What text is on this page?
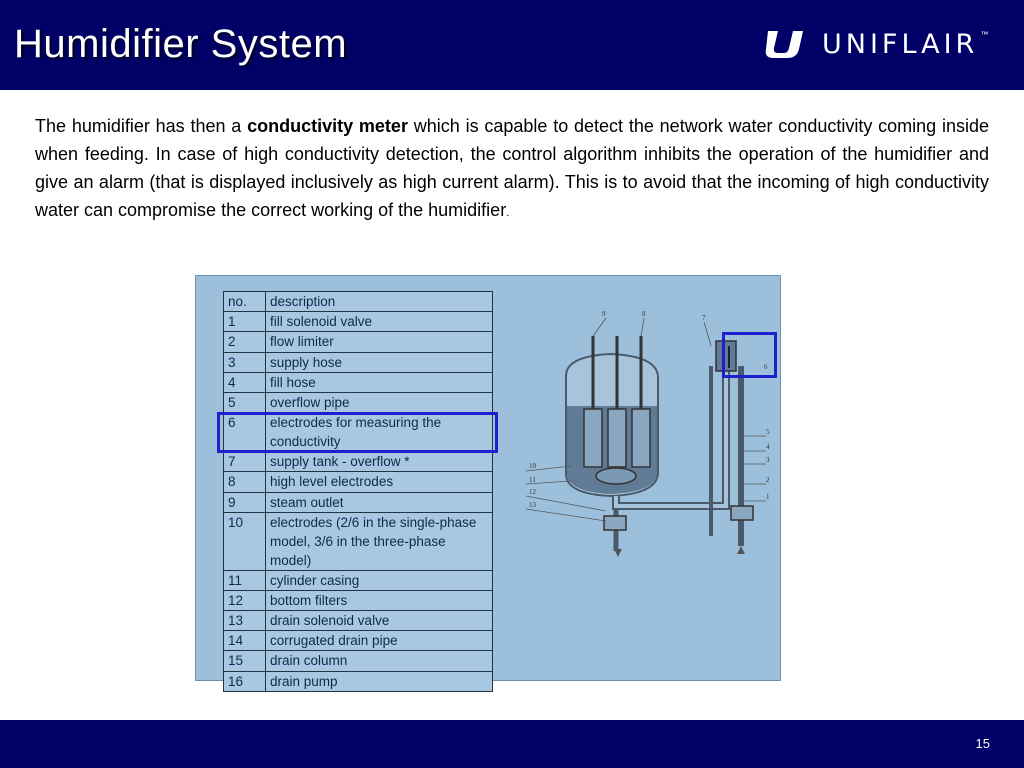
Humidifier System	UNIFLAIR ™
The humidifier has then a conductivity meter which is capable to detect the network water conductivity coming inside when feeding. In case of high conductivity detection, the control algorithm inhibits the operation of the humidifier and give an alarm (that is displayed inclusively as high current alarm). This is to avoid that the incoming of high conductivity water can compromise the correct working of the humidifier.
no.	description
1	fill solenoid valve
2	flow limiter
3	supply hose
4	fill hose
5	overflow pipe
6	electrodes for measuring the conductivity
7	supply tank - overflow *
8	high level electrodes
9	steam outlet
10	electrodes (2/6 in the single-phase model, 3/6 in the three-phase model)
11	cylinder casing
12	bottom filters
13	drain solenoid valve
14	corrugated drain pipe
15	drain column
16	drain pump
9	8	7
6
5
4
3
2
1
10
11
12
13
15
